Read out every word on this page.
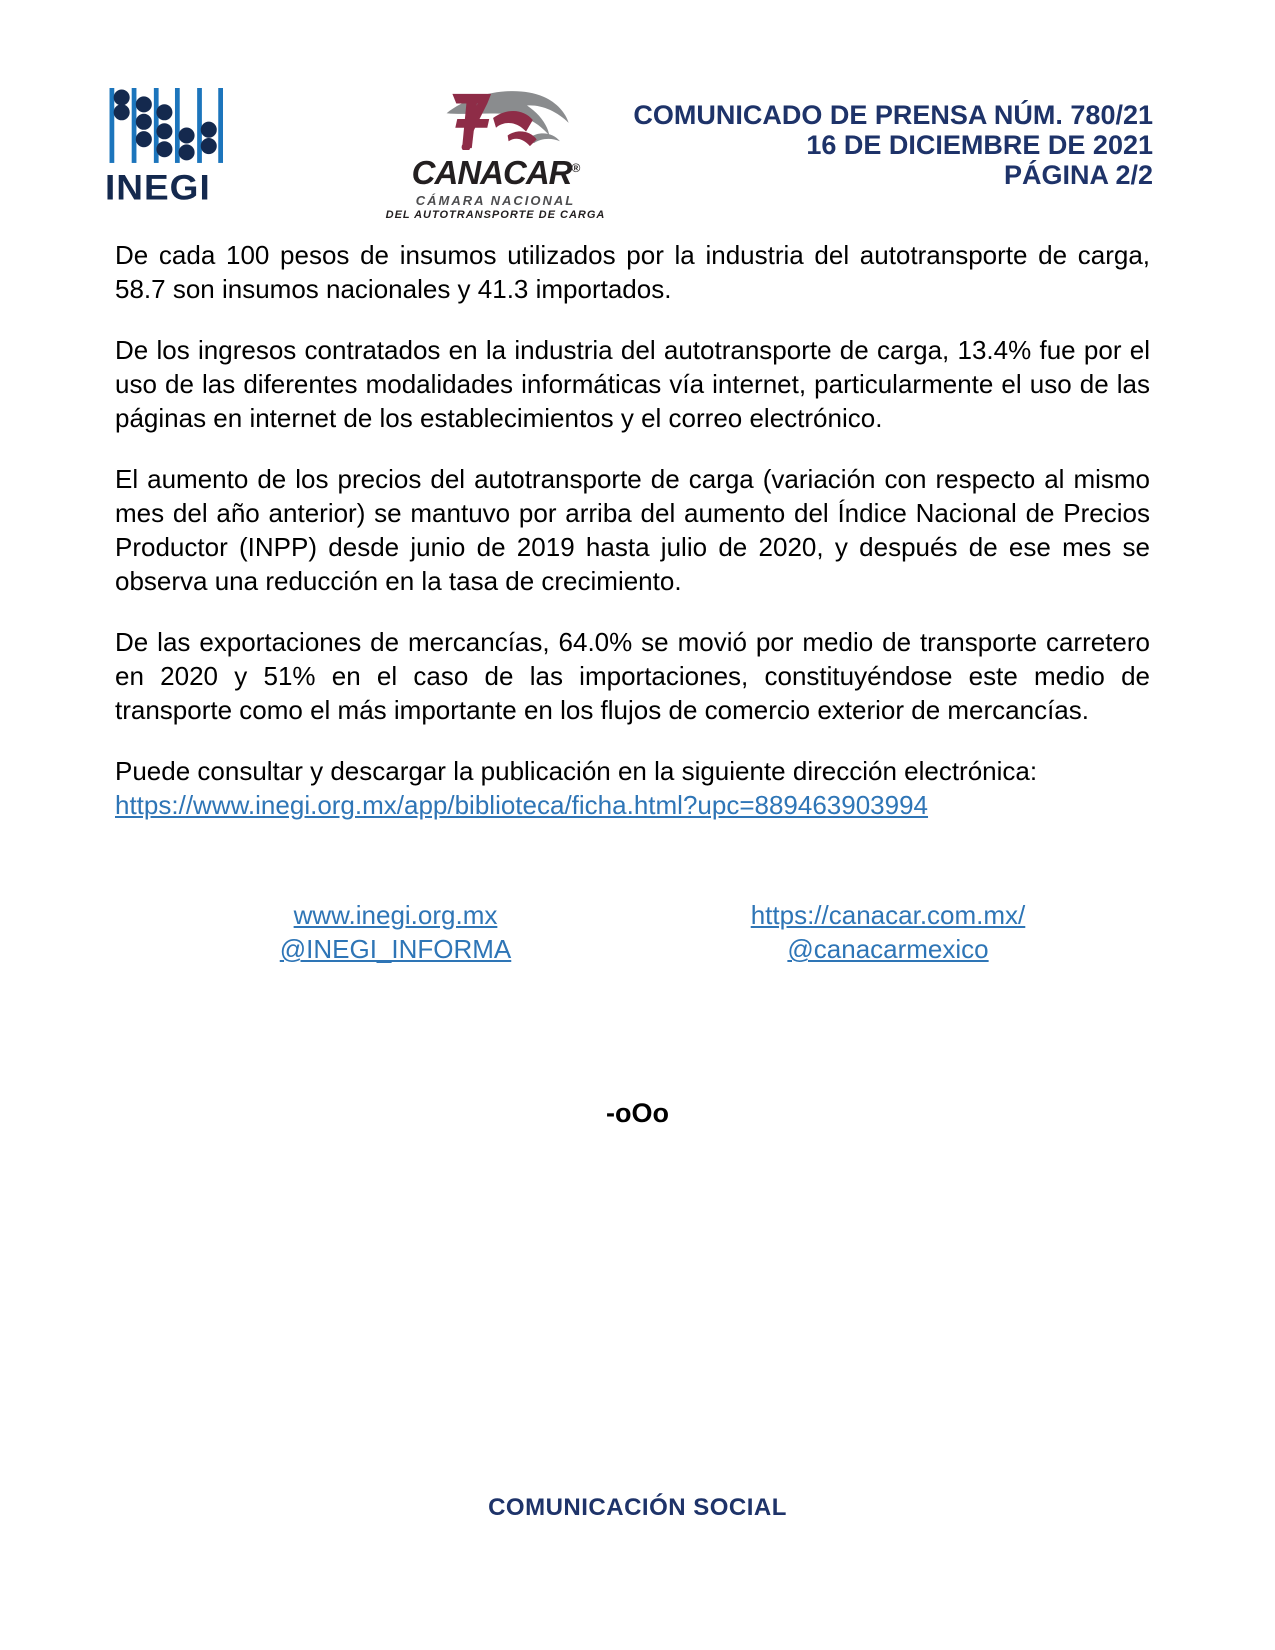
INEGI	CANACAR®
CÁMARA NACIONAL
DEL AUTOTRANSPORTE DE CARGA
COMUNICADO DE PRENSA NÚM. 780/21
16 DE DICIEMBRE DE 2021
PÁGINA 2/2

De cada 100 pesos de insumos utilizados por la industria del autotransporte de carga, 58.7 son insumos nacionales y 41.3 importados.

De los ingresos contratados en la industria del autotransporte de carga, 13.4% fue por el uso de las diferentes modalidades informáticas vía internet, particularmente el uso de las páginas en internet de los establecimientos y el correo electrónico.

El aumento de los precios del autotransporte de carga (variación con respecto al mismo mes del año anterior) se mantuvo por arriba del aumento del Índice Nacional de Precios Productor (INPP) desde junio de 2019 hasta julio de 2020, y después de ese mes se observa una reducción en la tasa de crecimiento.

De las exportaciones de mercancías, 64.0% se movió por medio de transporte carretero en 2020 y 51% en el caso de las importaciones, constituyéndose este medio de transporte como el más importante en los flujos de comercio exterior de mercancías.

Puede consultar y descargar la publicación en la siguiente dirección electrónica:

https://www.inegi.org.mx/app/biblioteca/ficha.html?upc=889463903994

www.inegi.org.mx
@INEGI_INFORMA
https://canacar.com.mx/
@canacarmexico
-oOo
COMUNICACIÓN SOCIAL
